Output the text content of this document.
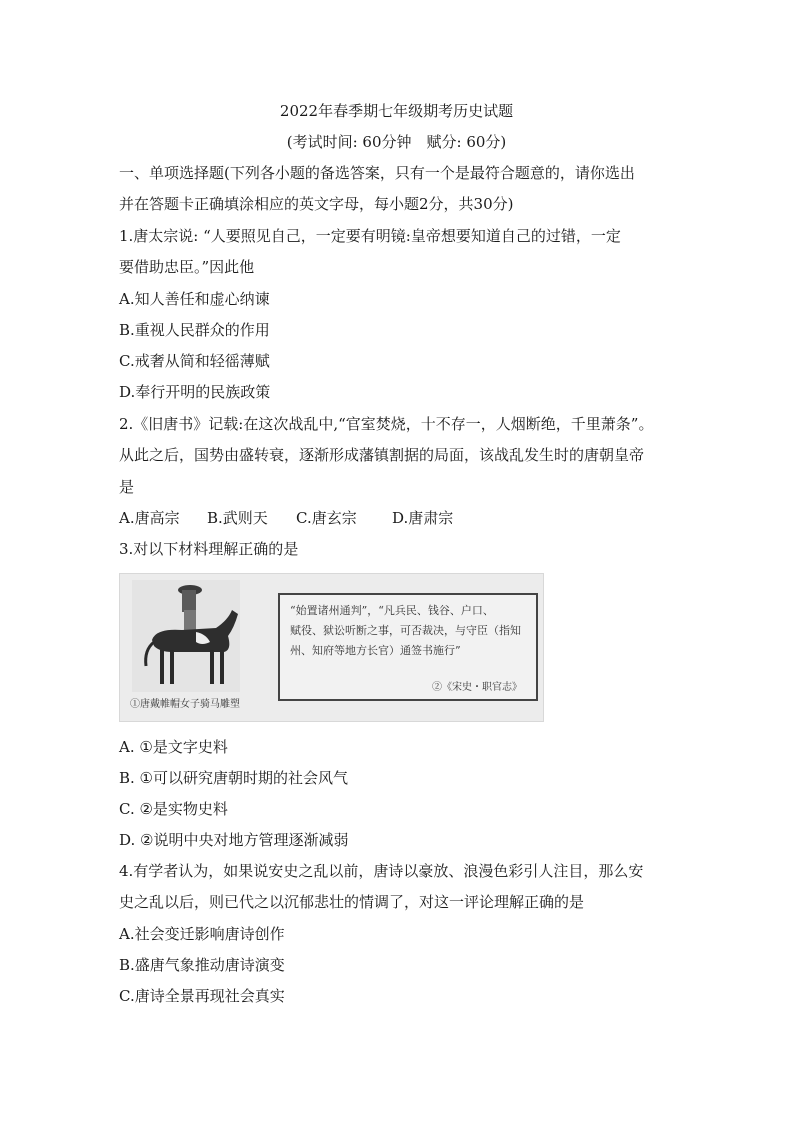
2022年春季期七年级期考历史试题
(考试时间: 60分钟　赋分: 60分)
一、单项选择题(下列各小题的备选答案，只有一个是最符合题意的，请你选出
并在答题卡正确填涂相应的英文字母，每小题2分，共30分)
1.唐太宗说: “人要照见自己，一定要有明镜:皇帝想要知道自己的过错，一定
要借助忠臣。”因此他
A.知人善任和虚心纳谏
B.重视人民群众的作用
C.戒奢从简和轻徭薄赋
D.奉行开明的民族政策
2.《旧唐书》记载:在这次战乱中,“官室焚烧，十不存一，人烟断绝，千里萧条”。
从此之后，国势由盛转衰，逐渐形成藩镇割据的局面，该战乱发生时的唐朝皇帝
是
A.唐高宗 B.武则天 C.唐玄宗 D.唐肃宗
3.对以下材料理解正确的是
①唐戴帷帽女子骑马雕塑
“始置诸州通判”，“凡兵民、钱谷、户口、
赋役、狱讼听断之事，可否裁决，与守臣（指知
州、知府等地方长官）通签书施行”
②《宋史・职官志》
A. ①是文字史料
B. ①可以研究唐朝时期的社会风气
C. ②是实物史料
D. ②说明中央对地方管理逐渐减弱
4.有学者认为，如果说安史之乱以前，唐诗以豪放、浪漫色彩引人注目，那么安
史之乱以后，则已代之以沉郁悲壮的情调了，对这一评论理解正确的是
A.社会变迁影响唐诗创作
B.盛唐气象推动唐诗演变
C.唐诗全景再现社会真实
